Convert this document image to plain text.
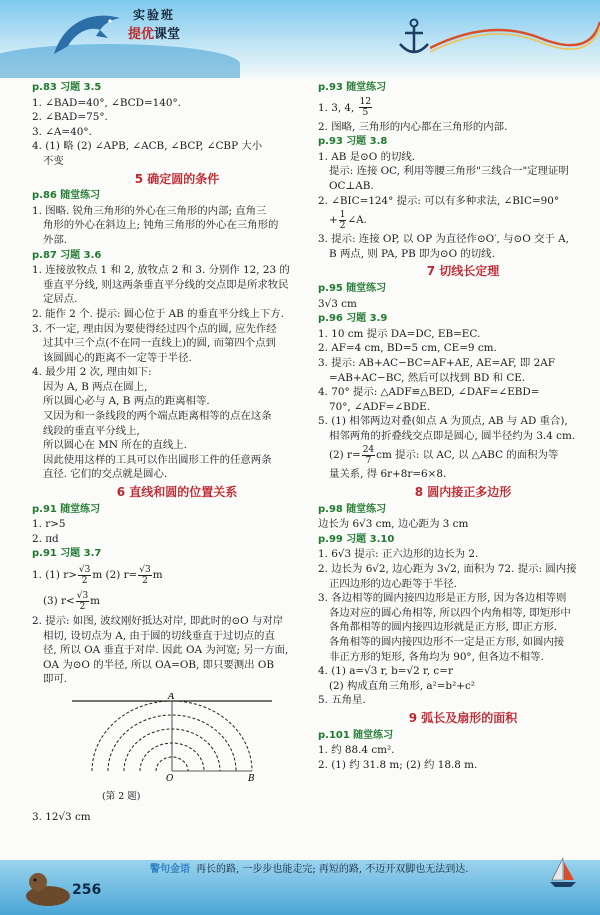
实验班
提优课堂
p.83 习题 3.5
1. ∠BAD=40°, ∠BCD=140°.
2. ∠BAD=75°.
3. ∠A=40°.
4. (1) 略 (2) ∠APB, ∠ACB, ∠BCP, ∠CBP 大小
不变
5 确定圆的条件
p.86 随堂练习
1. 图略. 锐角三角形的外心在三角形的内部; 直角三
角形的外心在斜边上; 钝角三角形的外心在三角形的
外部.
p.87 习题 3.6
1. 连接放牧点 1 和 2, 放牧点 2 和 3. 分别作 12, 23 的
垂直平分线, 则这两条垂直平分线的交点即是所求牧民
定居点.
2. 能作 2 个. 提示: 圆心位于 AB 的垂直平分线上下方.
3. 不一定, 理由因为要使得经过四个点的圆, 应先作经
过其中三个点(不在同一直线上)的圆, 而第四个点到
该圆圆心的距离不一定等于半径.
4. 最少用 2 次, 理由如下:
因为 A, B 两点在圆上,
所以圆心必与 A, B 两点的距离相等.
又因为和一条线段的两个端点距离相等的点在这条
线段的垂直平分线上,
所以圆心在 MN 所在的直线上.
因此使用这样的工具可以作出圆形工件的任意两条
直径. 它们的交点就是圆心.
6 直线和圆的位置关系
p.91 随堂练习
1. r>5
2. πd
p.91 习题 3.7
1. (1) $r> \frac{√3}{2}$ m (2) $r= \frac{√3}{2}$ m
(3) $r< \frac{√3}{2}$ m
2. 提示: 如图, 波纹刚好抵达对岸, 即此时的⊙O 与对岸
相切, 设切点为 A, 由于圆的切线垂直于过切点的直
径, 所以 OA 垂直于对岸. 因此 OA 为河宽; 另一方面,
OA 为⊙O 的半径, 所以 OA=OB, 即只要测出 OB
即可.
A
O	B
(第 2 题)
3. 12√3 cm
p.93 随堂练习
1. 3, 4, $\frac{12}{5}$
2. 图略, 三角形的内心都在三角形的内部.
p.93 习题 3.8
1. AB 是⊙O 的切线.
提示: 连接 OC, 利用等腰三角形"三线合一"定理证明
OC⊥AB.
2. ∠BIC=124° 提示: 可以有多种求法, ∠BIC=90°
+ $\frac{1}{2}$ ∠A.
3. 提示: 连接 OP, 以 OP 为直径作⊙O′, 与⊙O 交于 A,
B 两点, 则 PA, PB 即为⊙O 的切线.
7 切线长定理
p.95 随堂练习
3√3 cm
p.96 习题 3.9
1. 10 cm 提示 DA=DC, EB=EC.
2. AF=4 cm, BD=5 cm, CE=9 cm.
3. 提示: AB+AC−BC=AF+AE, AE=AF, 即 2AF
=AB+AC−BC, 然后可以找到 BD 和 CE.
4. 70° 提示: △ADF≌△BED, ∠DAF=∠EBD=
70°, ∠ADF=∠BDE.
5. (1) 相邻两边对叠(如点 A 为顶点, AB 与 AD 重合),
相邻两角的折叠线交点即是圆心, 圆半径约为 3.4 cm.
(2) $r= \frac{24}{7}$ cm 提示: 以 AC, 以 △ABC 的面积为等
量关系, 得 6r+8r=6×8.
8 圆内接正多边形
p.98 随堂练习
边长为 6√3 cm, 边心距为 3 cm
p.99 习题 3.10
1. 6√3 提示: 正六边形的边长为 2.
2. 边长为 6√2, 边心距为 3√2, 面积为 72. 提示: 圆内接
正四边形的边心距等于半径.
3. 各边相等的圆内接四边形是正方形, 因为各边相等则
各边对应的圆心角相等, 所以四个内角相等, 即矩形中
各角都相等的圆内接四边形就是正方形, 即正方形.
各角相等的圆内接四边形不一定是正方形, 如圆内接
非正方形的矩形, 各角均为 90°, 但各边不相等.
4. (1) a=√3 r, b=√2 r, c=r
(2) 构成直角三角形, a²=b²+c²
5. 五角星.
9 弧长及扇形的面积
p.101 随堂练习
1. 约 88.4 cm².
2. (1) 约 31.8 m; (2) 约 18.8 m.
256
警句金语 再长的路, 一步步也能走完; 再短的路, 不迈开双脚也无法到达.
